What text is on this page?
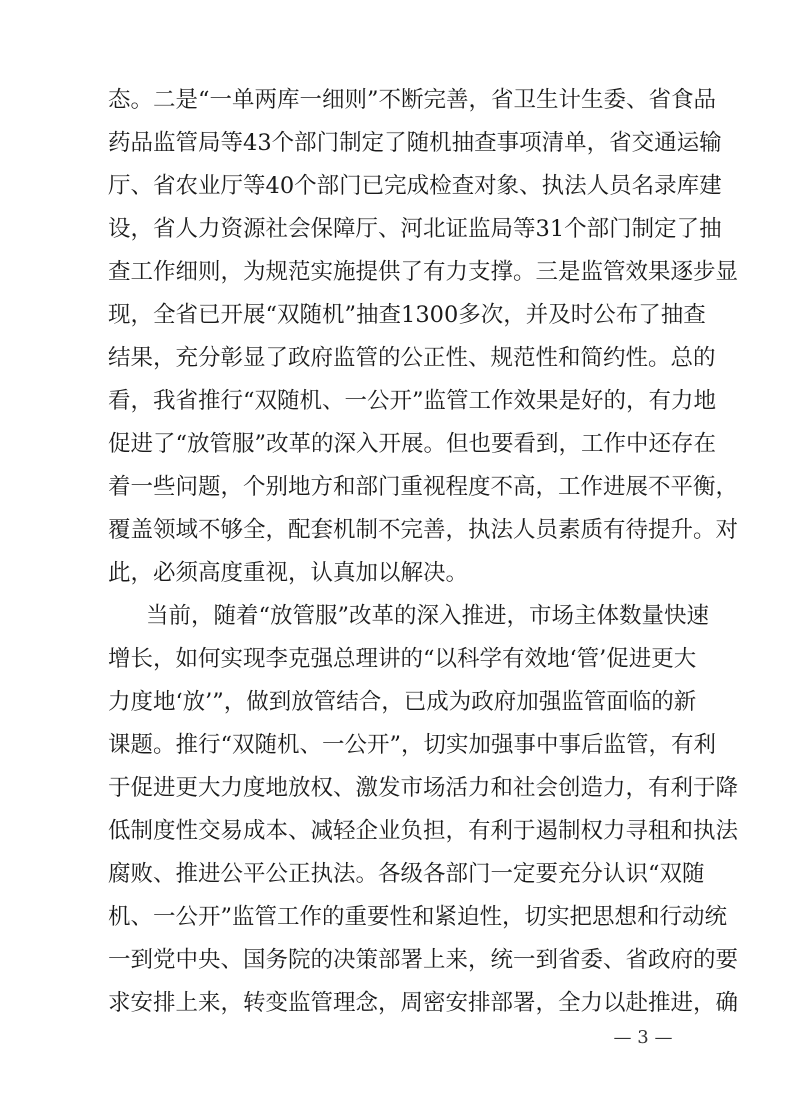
态。二是“一单两库一细则”不断完善，省卫生计生委、省食品
药品监管局等43个部门制定了随机抽查事项清单，省交通运输
厅、省农业厅等40个部门已完成检查对象、执法人员名录库建
设，省人力资源社会保障厅、河北证监局等31个部门制定了抽
查工作细则，为规范实施提供了有力支撑。三是监管效果逐步显
现，全省已开展“双随机”抽查1300多次，并及时公布了抽查
结果，充分彰显了政府监管的公正性、规范性和简约性。总的
看，我省推行“双随机、一公开”监管工作效果是好的，有力地
促进了“放管服”改革的深入开展。但也要看到，工作中还存在
着一些问题，个别地方和部门重视程度不高，工作进展不平衡，
覆盖领域不够全，配套机制不完善，执法人员素质有待提升。对
此，必须高度重视，认真加以解决。
当前，随着“放管服”改革的深入推进，市场主体数量快速
增长，如何实现李克强总理讲的“以科学有效地‘管’促进更大
力度地‘放’”，做到放管结合，已成为政府加强监管面临的新
课题。推行“双随机、一公开”，切实加强事中事后监管，有利
于促进更大力度地放权、激发市场活力和社会创造力，有利于降
低制度性交易成本、减轻企业负担，有利于遏制权力寻租和执法
腐败、推进公平公正执法。各级各部门一定要充分认识“双随
机、一公开”监管工作的重要性和紧迫性，切实把思想和行动统
一到党中央、国务院的决策部署上来，统一到省委、省政府的要
求安排上来，转变监管理念，周密安排部署，全力以赴推进，确
— 3 —
